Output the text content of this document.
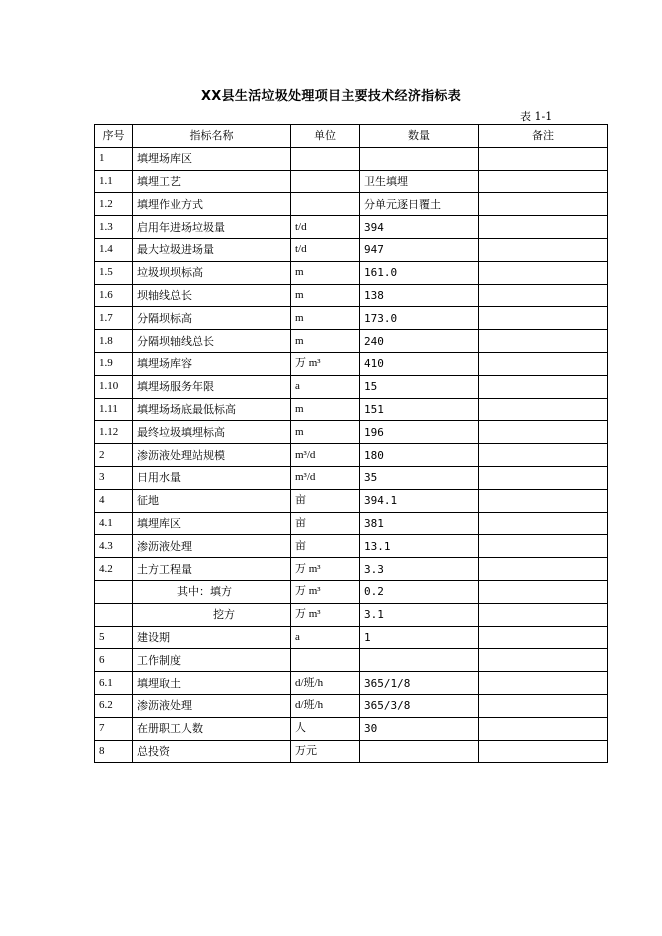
XX县生活垃圾处理项目主要技术经济指标表
表 1-1
序号	指标名称	单位	数量	备注
1	填埋场库区			
1.1	填埋工艺		卫生填埋	
1.2	填埋作业方式		分单元逐日覆土	
1.3	启用年进场垃圾量	t/d	394	
1.4	最大垃圾进场量	t/d	947	
1.5	垃圾坝坝标高	m	161.0	
1.6	坝轴线总长	m	138	
1.7	分隔坝标高	m	173.0	
1.8	分隔坝轴线总长	m	240	
1.9	填埋场库容	万 m³	410	
1.10	填埋场服务年限	a	15	
1.11	填埋场场底最低标高	m	151	
1.12	最终垃圾填埋标高	m	196	
2	渗沥液处理站规模	m³/d	180	
3	日用水量	m³/d	35	
4	征地	亩	394.1	
4.1	填埋库区	亩	381	
4.3	渗沥液处理	亩	13.1	
4.2	土方工程量	万 m³	3.3	
	其中：填方	万 m³	0.2	
	挖方	万 m³	3.1	
5	建设期	a	1	
6	工作制度			
6.1	填埋取土	d/班/h	365/1/8	
6.2	渗沥液处理	d/班/h	365/3/8	
7	在册职工人数	人	30	
8	总投资	万元		
